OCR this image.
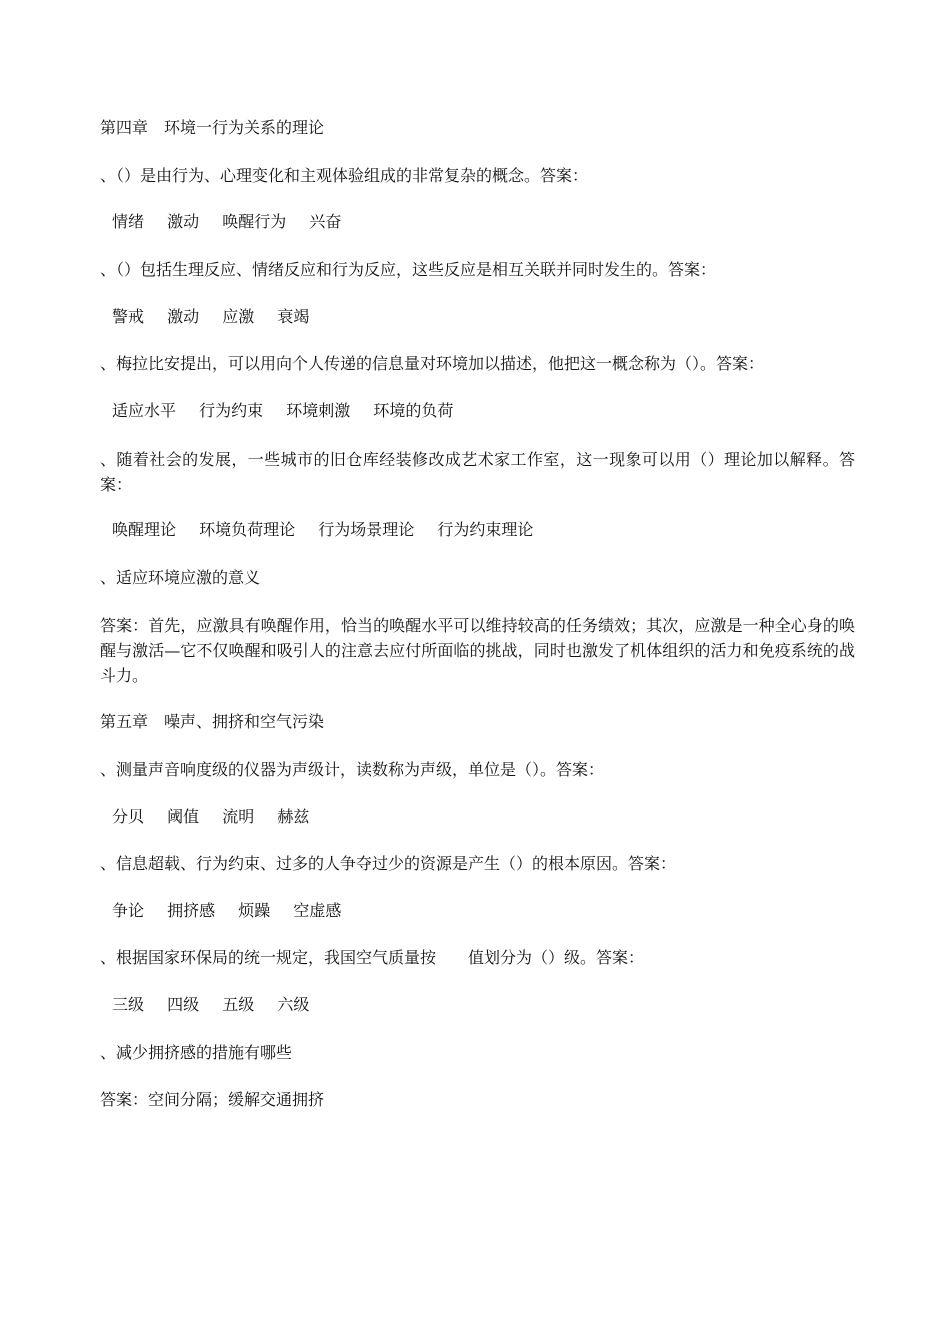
第四章　环境一行为关系的理论
、（）是由行为、心理变化和主观体验组成的非常复杂的概念。答案：
情绪 激动 唤醒行为 兴奋
、（）包括生理反应、情绪反应和行为反应，这些反应是相互关联并同时发生的。答案：
警戒 激动 应激 衰竭
、梅拉比安提出，可以用向个人传递的信息量对环境加以描述，他把这一概念称为（）。答案：
适应水平 行为约束 环境刺激 环境的负荷
、随着社会的发展，一些城市的旧仓库经装修改成艺术家工作室，这一现象可以用（）理论加以解释。答案：
唤醒理论 环境负荷理论 行为场景理论 行为约束理论
、适应环境应激的意义
答案：首先，应激具有唤醒作用，恰当的唤醒水平可以维持较高的任务绩效；其次，应激是一种全心身的唤醒与激活—它不仅唤醒和吸引人的注意去应付所面临的挑战，同时也激发了机体组织的活力和免疫系统的战斗力。
第五章　噪声、拥挤和空气污染
、测量声音响度级的仪器为声级计，读数称为声级，单位是（）。答案：
分贝 阈值 流明 赫兹
、信息超载、行为约束、过多的人争夺过少的资源是产生（）的根本原因。答案：
争论 拥挤感 烦躁 空虚感
、根据国家环保局的统一规定，我国空气质量按 值划分为（）级。答案：
三级 四级 五级 六级
、减少拥挤感的措施有哪些
答案：空间分隔；缓解交通拥挤
